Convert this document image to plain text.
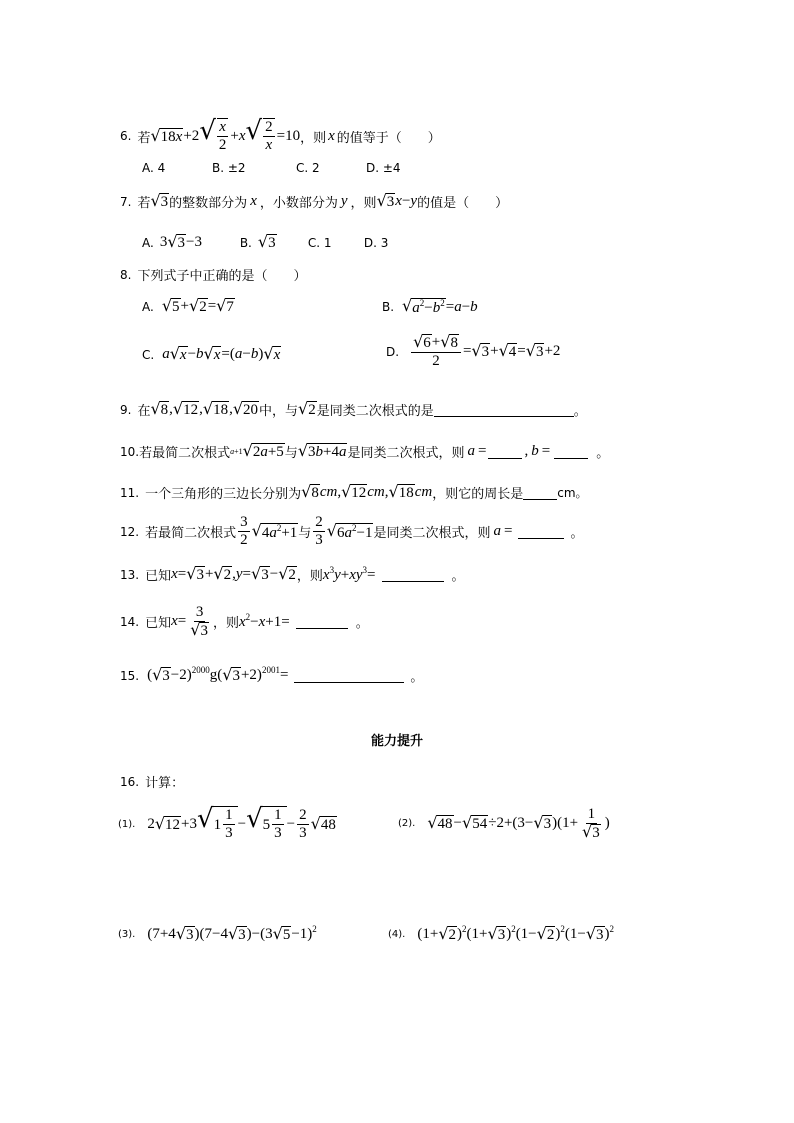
6. 若 √ 18x +2 √ $\frac{x}{2} + x$ √ $\frac{2}{x} =10$ ，则 x 的值等于（　　）
A. 4	B. ±2	C. 2	D. ±4
7. 若 √ 3 的整数部分为 x ，小数部分为 y ，则 √ 3 x − y 的值是（　　）
A. 3 √ 3 −3	B. √ 3	C. 1	D. 3
8. 下列式子中正确的是（　　）
A. √ 5 + √ 2 = √ 7	B. √ $a^2-b^2 = a - b$
C. a √ x − b √ x =( a − b ) √ x	D. $\frac{√ 6 + √ 8}{2}$ = √ 3 + √ 4 = √ 3 +2
9. 在 √ 8 , √ 12 , √ 18 , √ 20 中，与 √ 2 是同类二次根式的是	。
10. 若最简二次根式 a+1 √ 2a+5 与 √ 3b+4a 是同类二次根式，则 a =	, b =	。
11. 一个三角形的三边长分别为 √ 8 cm , √ 12 cm , √ 18 cm ，则它的周长是	cm。
12. 若最简二次根式 $\frac{3}{2}$ √ $4a^2+1$ 与 $\frac{2}{3}$ √ $6a^2-1$ 是同类二次根式，则 a =	。
13. 已知 x = √ 3 + √ 2 , y = √ 3 − √ 2 ，则 $x^3y+xy^3=$	。
14. 已知 $x = \frac{3}{√ 3}$ ，则 $x^2-x+1=$	。
15. ( √ 3 −2)$^{2000}$ g( √ 3 +2)$^{2001}$ =	。
能力提升
16. 计算：
(1). 2 √ 12 +3 √ $1 \frac{1}{3}$ − √ $5 \frac{1}{3} - \frac{2}{3}$ √ 48	(2). √ 48 − √ 54 ÷2+(3− √ 3 )($1+ \frac{1}{√ 3}$ )
(3). (7+4 √ 3 )(7−4 √ 3 )−(3 √ 5 −1)$^2$
(4). (1+ √ 2 )$^2$ (1+ √ 3 )$^2$ (1− √ 2 )$^2$ (1− √ 3 )$^2$
